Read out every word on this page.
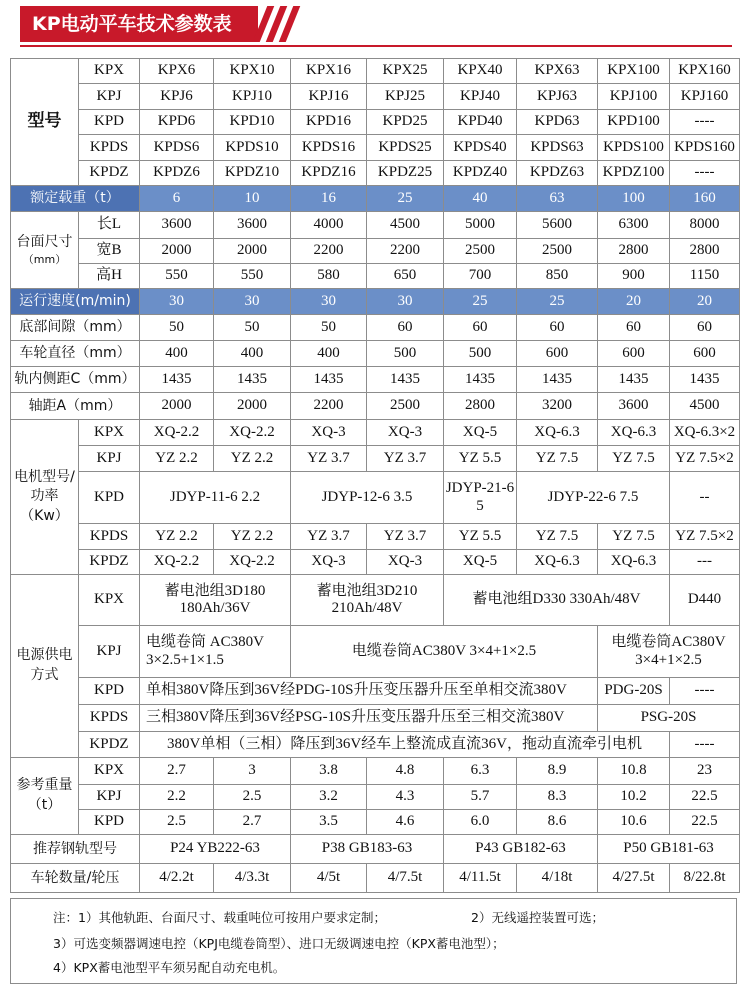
KP电动平车技术参数表
型号	KPX	KPX6	KPX10	KPX16	KPX25	KPX40	KPX63	KPX100	KPX160
	KPJ	KPJ6	KPJ10	KPJ16	KPJ25	KPJ40	KPJ63	KPJ100	KPJ160
	KPD	KPD6	KPD10	KPD16	KPD25	KPD40	KPD63	KPD100	----
	KPDS	KPDS6	KPDS10	KPDS16	KPDS25	KPDS40	KPDS63	KPDS100	KPDS160
	KPDZ	KPDZ6	KPDZ10	KPDZ16	KPDZ25	KPDZ40	KPDZ63	KPDZ100	----
额定载重（t）		6	10	16	25	40	63	100	160

台面尺寸
（mm）	长L	3600	3600	4000	4500	5000	5600	6300	8000
	宽B	2000	2000	2200	2200	2500	2500	2800	2800
	高H	550	550	580	650	700	850	900	1150
运行速度(m/min)		30	30	30	30	25	25	20	20
底部间隙（mm）		50	50	50	60	60	60	60	60
车轮直径（mm）		400	400	400	500	500	600	600	600
轨内侧距C（mm）		1435	1435	1435	1435	1435	1435	1435	1435
轴距A（mm）		2000	2000	2200	2500	2800	3200	3600	4500
电机型号/功率（Kw）	KPX	XQ-2.2	XQ-2.2	XQ-3	XQ-3	XQ-5	XQ-6.3	XQ-6.3	XQ-6.3×2
	KPJ	YZ 2.2	YZ 2.2	YZ 3.7	YZ 3.7	YZ 5.5	YZ 7.5	YZ 7.5	YZ 7.5×2
	KPD	JDYP-11-6 2.2		JDYP-12-6 3.5		JDYP-21-6 5	JDYP-22-6 7.5		--
	KPDS	YZ 2.2	YZ 2.2	YZ 3.7	YZ 3.7	YZ 5.5	YZ 7.5	YZ 7.5	YZ 7.5×2
	KPDZ	XQ-2.2	XQ-2.2	XQ-3	XQ-3	XQ-5	XQ-6.3	XQ-6.3	---
电源供电方式	KPX	蓄电池组3D180 180Ah/36V		蓄电池组3D210 210Ah/48V		蓄电池组D330 330Ah/48V			D440
	KPJ	电缆卷筒 AC380V 3×2.5+1×1.5		电缆卷筒AC380V 3×4+1×2.5				电缆卷筒AC380V 3×4+1×2.5	
	KPD	单相380V降压到36V经PDG-10S升压变压器升压至单相交流380V						PDG-20S	----
	KPDS	三相380V降压到36V经PSG-10S升压变压器升压至三相交流380V						PSG-20S	
	KPDZ	380V单相（三相）降压到36V经车上整流成直流36V，拖动直流牵引电机							----
参考重量（t）	KPX	2.7	3	3.8	4.8	6.3	8.9	10.8	23
	KPJ	2.2	2.5	3.2	4.3	5.7	8.3	10.2	22.5
	KPD	2.5	2.7	3.5	4.6	6.0	8.6	10.6	22.5
推荐钢轨型号		P24 YB222-63		P38 GB183-63		P43 GB182-63		P50 GB181-63	
车轮数量/轮压		4/2.2t	4/3.3t	4/5t	4/7.5t	4/11.5t	4/18t	4/27.5t	8/22.8t
注：1）其他轨距、台面尺寸、载重吨位可按用户要求定制；	2）无线遥控装置可选；
3）可选变频器调速电控（KPJ电缆卷筒型）、进口无级调速电控（KPX蓄电池型）；
4）KPX蓄电池型平车须另配自动充电机。
